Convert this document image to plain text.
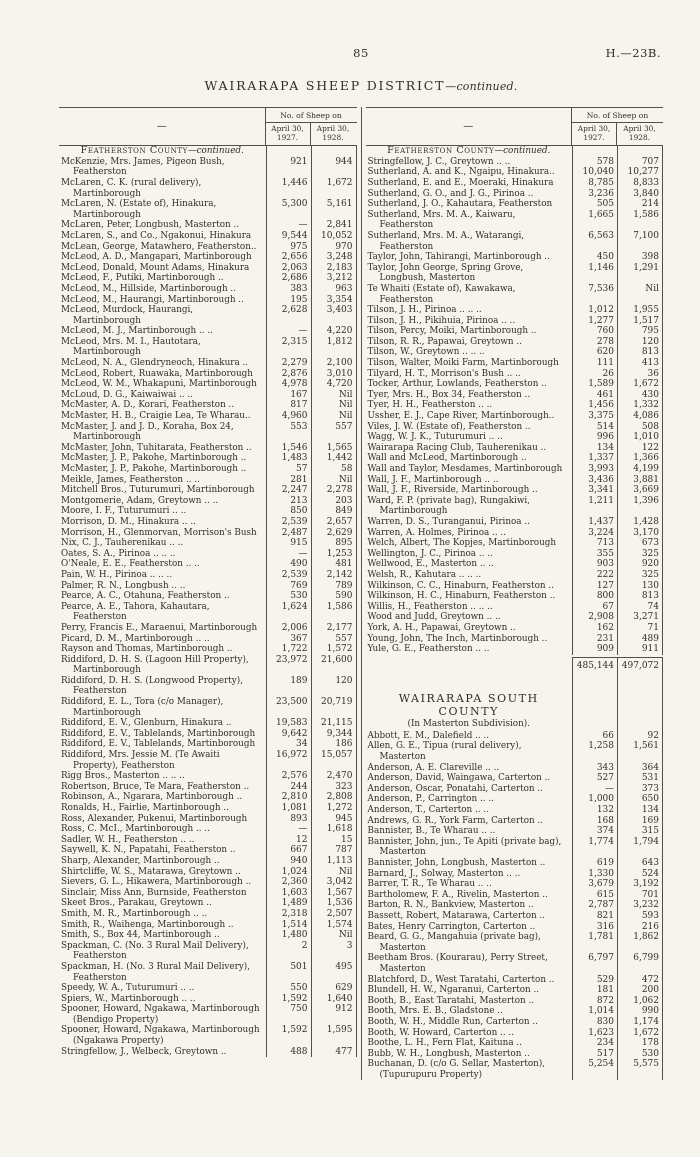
85	H.—23B.
WAIRARAPA SHEEP DISTRICT—continued.
—
No. of Sheep on
April 30, 1927.
April 30, 1928.
Featherston County—continued.
McKenzie, Mrs. James, Pigeon Bush, Featherston
921	944
McLaren, C. K. (rural delivery), Martinborough
1,446	1,672
McLaren, N. (Estate of), Hinakura, Martinborough
5,300	5,161
McLaren, Peter, Longbush, Masterton ..	—	2,841
McLaren, S., and Co., Ngakonui, Hinakura	9,544	10,052
McLean, George, Matawhero, Featherston..	975	970
McLeod, A. D., Mangapari, Martinborough	2,656	3,248
McLeod, Donald, Mount Adams, Hinakura	2,063	2,183
McLeod, F., Putiki, Martinborough ..	2,686	3,212
McLeod, M., Hillside, Martinborough ..	383	963
McLeod, M., Haurangi, Martinborough ..	195	3,354
McLeod, Murdock, Haurangi, Martinborough
2,628	3,403
McLeod, M. J., Martinborough .. ..	—	4,220
McLeod, Mrs. M. I., Hautotara, Martinborough
2,315	1,812
McLeod, N. A., Glendryneoch, Hinakura ..	2,279	2,100
McLeod, Robert, Ruawaka, Martinborough	2,876	3,010
McLeod, W. M., Whakapuni, Martinborough	4,978	4,720
McLoud, D. G., Kaiwaiwai .. ..	167	Nil
McMaster, A. D., Korari, Featherston ..	817	Nil
McMaster, H. B., Craigie Lea, Te Wharau..	4,960	Nil
McMaster, J. and J. D., Koraha, Box 24, Martinborough
553	557
McMaster, John, Tuhitarata, Featherston ..	1,546	1,565
McMaster, J. P., Pakohe, Martinborough ..	1,483	1,442
McMaster, J. P., Pakohe, Martinborough ..	57	58
Meikle, James, Featherston .. ..	281	Nil
Mitchell Bros., Tuturumuri, Martinborough	2,247	2,278
Montgomerie, Adam, Greytown .. ..	213	203
Moore, I. F., Tuturumuri .. ..	850	849
Morrison, D. M., Hinakura .. ..	2,539	2,657
Morrison, H., Glenmorvan, Morrison's Bush	2,487	2,629
Nix, C. J., Tauherenikau .. ..	915	895
Oates, S. A., Pirinoa .. .. ..	—	1,253
O'Neale, E. E., Featherston .. ..	490	481
Pain, W. H., Pirinoa .. .. ..	2,539	2,142
Palmer, R. N., Longbush .. ..	769	789
Pearce, A. C., Otahuna, Featherston ..	530	590
Pearce, A. E., Tahora, Kahautara, Featherston
1,624	1,586
Perry, Francis E., Maraenui, Martinborough	2,006	2,177
Picard, D. M., Martinborough .. ..	367	557
Rayson and Thomas, Martinborough ..	1,722	1,572
Riddiford, D. H. S. (Lagoon Hill Property), Martinborough
23,972	21,600
Riddiford, D. H. S. (Longwood Property), Featherston
189	120
Riddiford, E. L., Tora (c/o Manager), Martinborough
23,500	20,719
Riddiford, E. V., Glenburn, Hinakura ..	19,583	21,115
Riddiford, E. V., Tablelands, Martinborough	9,642	9,344
Riddiford, E. V., Tablelands, Martinborough	34	186
Riddiford, Mrs. Jessie M. (Te Awaiti Property), Featherston
16,972	15,057
Rigg Bros., Masterton .. .. ..	2,576	2,470
Robertson, Bruce, Te Mara, Featherston ..	244	323
Robinson, A., Ngarara, Martinborough ..	2,810	2,808
Ronalds, H., Fairlie, Martinborough ..	1,081	1,272
Ross, Alexander, Pukenui, Martinborough	893	945
Ross, C. McI., Martinborough .. ..	—	1,618
Sadler, W. H., Featherston .. ..	12	15
Saywell, K. N., Papatahi, Featherston ..	667	787
Sharp, Alexander, Martinborough ..	940	1,113
Shirtcliffe, W. S., Matarawa, Greytown ..	1,024	Nil
Sievers, G. L., Hikawera, Martinborough ..	2,360	3,042
Sinclair, Miss Ann, Burnside, Featherston	1,603	1,567
Skeet Bros., Parakau, Greytown ..	1,489	1,536
Smith, M. R., Martinborough .. ..	2,318	2,507
Smith, R., Waihenga, Martinborough ..	1,514	1,574
Smith, S., Box 44, Martinborough ..	1,480	Nil
Spackman, C. (No. 3 Rural Mail Delivery), Featherston
2	3
Spackman, H. (No. 3 Rural Mail Delivery), Featherston
501	495
Speedy, W. A., Tuturumuri .. ..	550	629
Spiers, W., Martinborough .. ..	1,592	1,640
Spooner, Howard, Ngakawa, Martinborough (Bendigo Property)
750	912
Spooner, Howard, Ngakawa, Martinborough (Ngakawa Property)
1,592	1,595
Stringfellow, J., Welbeck, Greytown ..	488	477
—
No. of Sheep on
April 30, 1927.
April 30, 1928.
Featherston County—continued.
Stringfellow, J. C., Greytown .. ..	578	707
Sutherland, A. and K., Ngaipu, Hinakura..	10,040	10,277
Sutherland, E. and E., Moeraki, Hinakura	8,785	8,833
Sutherland, G. O., and J. G., Pirinoa ..	3,236	3,840
Sutherland, J. O., Kahautara, Featherston	505	214
Sutherland, Mrs. M. A., Kaiwaru, Featherston
1,665	1,586
Sutherland, Mrs. M. A., Watarangi, Featherston
6,563	7,100
Taylor, John, Tahirangi, Martinborough ..	450	398
Taylor, John George, Spring Grove, Longbush, Masterton
1,146	1,291
Te Whaiti (Estate of), Kawakawa, Featherston
7,536	Nil
Tilson, J. H., Pirinoa .. .. ..	1,012	1,955
Tilson, J. H., Pikihuia, Pirinoa .. ..	1,277	1,517
Tilson, Percy, Moiki, Martinborough ..	760	795
Tilson, R. R., Papawai, Greytown ..	278	120
Tilson, W., Greytown .. .. ..	620	813
Tilson, Walter, Moiki Farm, Martinborough	111	413
Tilyard, H. T., Morrison's Bush .. ..	26	36
Tocker, Arthur, Lowlands, Featherston ..	1,589	1,672
Tyer, Mrs. H., Box 34, Featherston ..	461	430
Tyer, H. H., Featherston .. ..	1,456	1,332
Ussher, E. J., Cape River, Martinborough..	3,375	4,086
Viles, J. W. (Estate of), Featherston ..	514	508
Wagg, W. J. K., Tuturumuri .. ..	996	1,010
Wairarapa Racing Club, Tauherenikau ..	134	122
Wall and McLeod, Martinborough ..	1,337	1,366
Wall and Taylor, Mesdames, Martinborough	3,993	4,199
Wall, J. F., Martinborough .. ..	3,436	3,881
Wall, J. F., Riverside, Martinborough ..	3,341	3,669
Ward, F. P. (private bag), Rungakiwi, Martinborough
1,211	1,396
Warren, D. S., Turanganui, Pirinoa ..	1,437	1,428
Warren, A. Holmes, Pirinoa .. ..	3,224	3,170
Welch, Albert, The Kopjes, Martinborough	713	673
Wellington, J. C., Pirinoa .. ..	355	325
Wellwood, E., Masterton .. ..	903	920
Welsh, R., Kahutara .. .. ..	222	325
Wilkinson, C. C., Hinaburn, Featherston ..	127	130
Wilkinson, H. C., Hinaburn, Featherston ..	800	813
Willis, H., Featherston .. .. ..	67	74
Wood and Judd, Greytown .. ..	2,908	3,271
York, A. H., Papawai, Greytown ..	162	71
Young, John, The Inch, Martinborough ..	231	489
Yule, G. E., Featherston .. ..	909	911
485,144 497,072
WAIRARAPA SOUTH COUNTY
(In Masterton Subdivision).
Abbott, E. M., Dalefield .. ..	66	92
Allen, G. E., Tipua (rural delivery), Masterton
1,258	1,561
Anderson, A. E. Clareville .. ..	343	364
Anderson, David, Waingawa, Carterton ..	527	531
Anderson, Oscar, Ponatahi, Carterton ..	—	373
Anderson, P., Carrington .. ..	1,000	650
Anderson, T., Carterton .. ..	132	134
Andrews, G. R., York Farm, Carterton ..	168	169
Bannister, B., Te Wharau .. ..	374	315
Bannister, John, jun., Te Apiti (private bag), Masterton
1,774	1,794
Bannister, John, Longbush, Masterton ..	619	643
Barnard, J., Solway, Masterton .. ..	1,330	524
Barrer, T. R., Te Wharau .. ..	3,679	3,192
Bartholomew, F. A., Rivelin, Masterton ..	615	701
Barton, R. N., Bankview, Masterton ..	2,787	3,232
Bassett, Robert, Matarawa, Carterton ..	821	593
Bates, Henry Carrington, Carterton ..	316	216
Beard, G. G., Mangahuia (private bag), Masterton
1,781	1,862
Beetham Bros. (Kourarau), Perry Street, Masterton
6,797	6,799
Blatchford, D., West Taratahi, Carterton ..	529	472
Blundell, H. W., Ngaranui, Carterton ..	181	200
Booth, B., East Taratahi, Masterton ..	872	1,062
Booth, Mrs. E. B., Gladstone ..	1,014	990
Booth, W. H., Middle Run, Carterton ..	830	1,174
Booth, W. Howard, Carterton .. ..	1,623	1,672
Boothe, L. H., Fern Flat, Kaituna ..	234	178
Bubb, W. H., Longbush, Masterton ..	517	530
Buchanan, D. (c/o G. Sellar, Masterton), (Tupurupuru Property)
5,254	5,575
